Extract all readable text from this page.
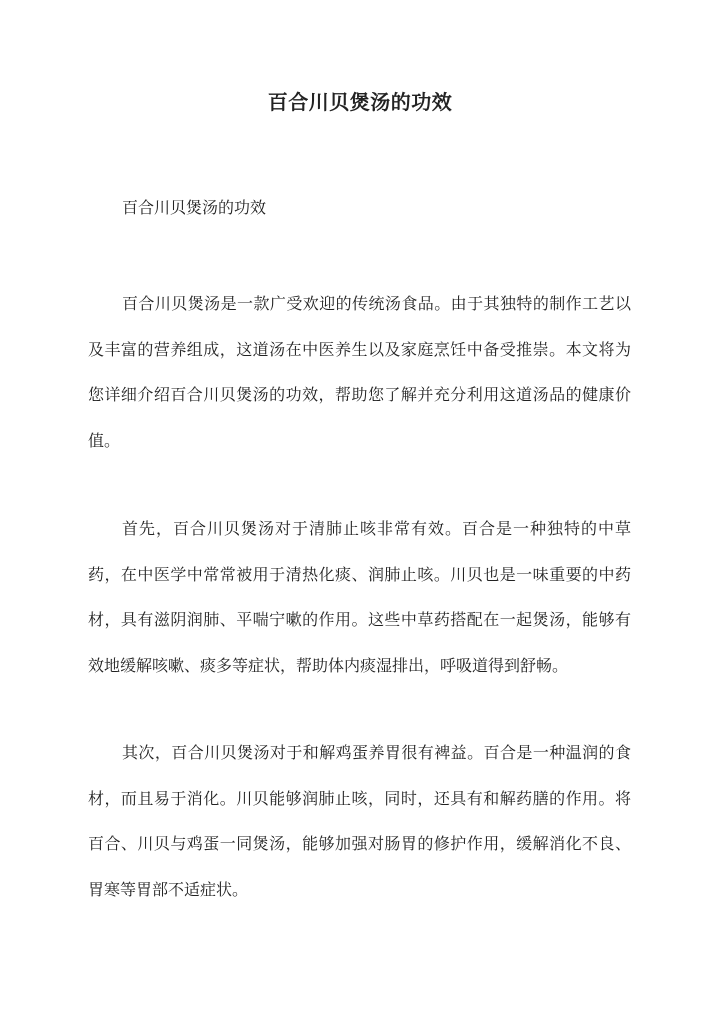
百合川贝煲汤的功效

百合川贝煲汤的功效

百合川贝煲汤是一款广受欢迎的传统汤食品。由于其独特的制作工艺以及丰富的营养组成，这道汤在中医养生以及家庭烹饪中备受推崇。本文将为您详细介绍百合川贝煲汤的功效，帮助您了解并充分利用这道汤品的健康价值。

首先，百合川贝煲汤对于清肺止咳非常有效。百合是一种独特的中草药，在中医学中常常被用于清热化痰、润肺止咳。川贝也是一味重要的中药材，具有滋阴润肺、平喘宁嗽的作用。这些中草药搭配在一起煲汤，能够有效地缓解咳嗽、痰多等症状，帮助体内痰湿排出，呼吸道得到舒畅。

其次，百合川贝煲汤对于和解鸡蛋养胃很有裨益。百合是一种温润的食材，而且易于消化。川贝能够润肺止咳，同时，还具有和解药膳的作用。将百合、川贝与鸡蛋一同煲汤，能够加强对肠胃的修护作用，缓解消化不良、胃寒等胃部不适症状。
